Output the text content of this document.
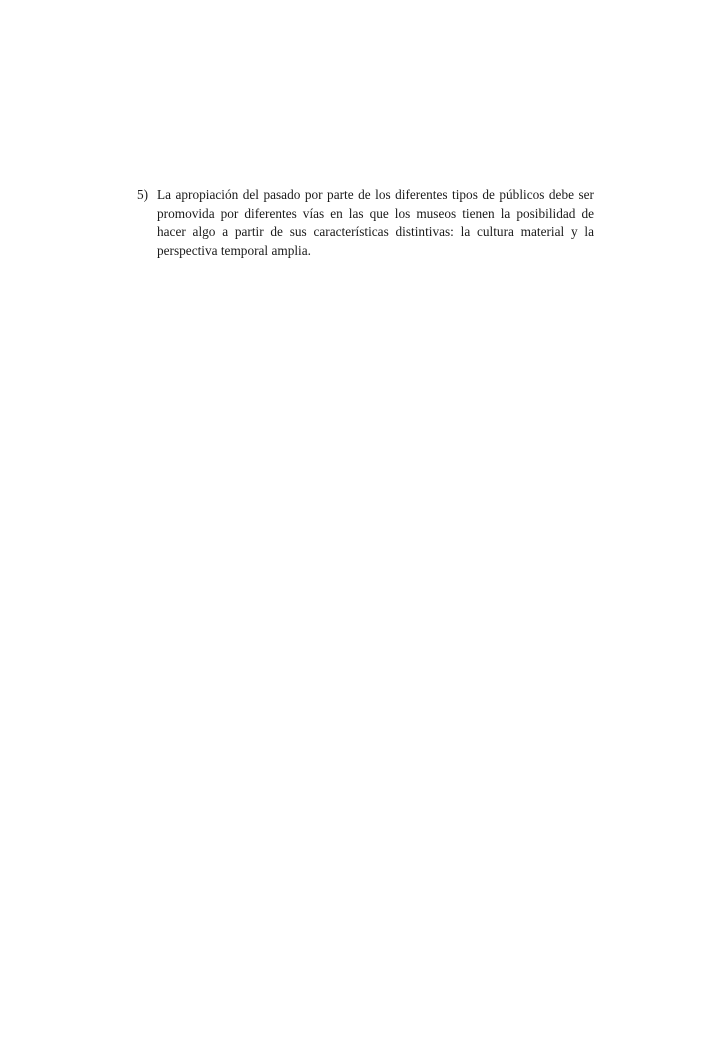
5) La apropiación del pasado por parte de los diferentes tipos de públicos debe ser
promovida por diferentes vías en las que los museos tienen la posibilidad de
hacer algo a partir de sus características distintivas: la cultura material y la
perspectiva temporal amplia.
